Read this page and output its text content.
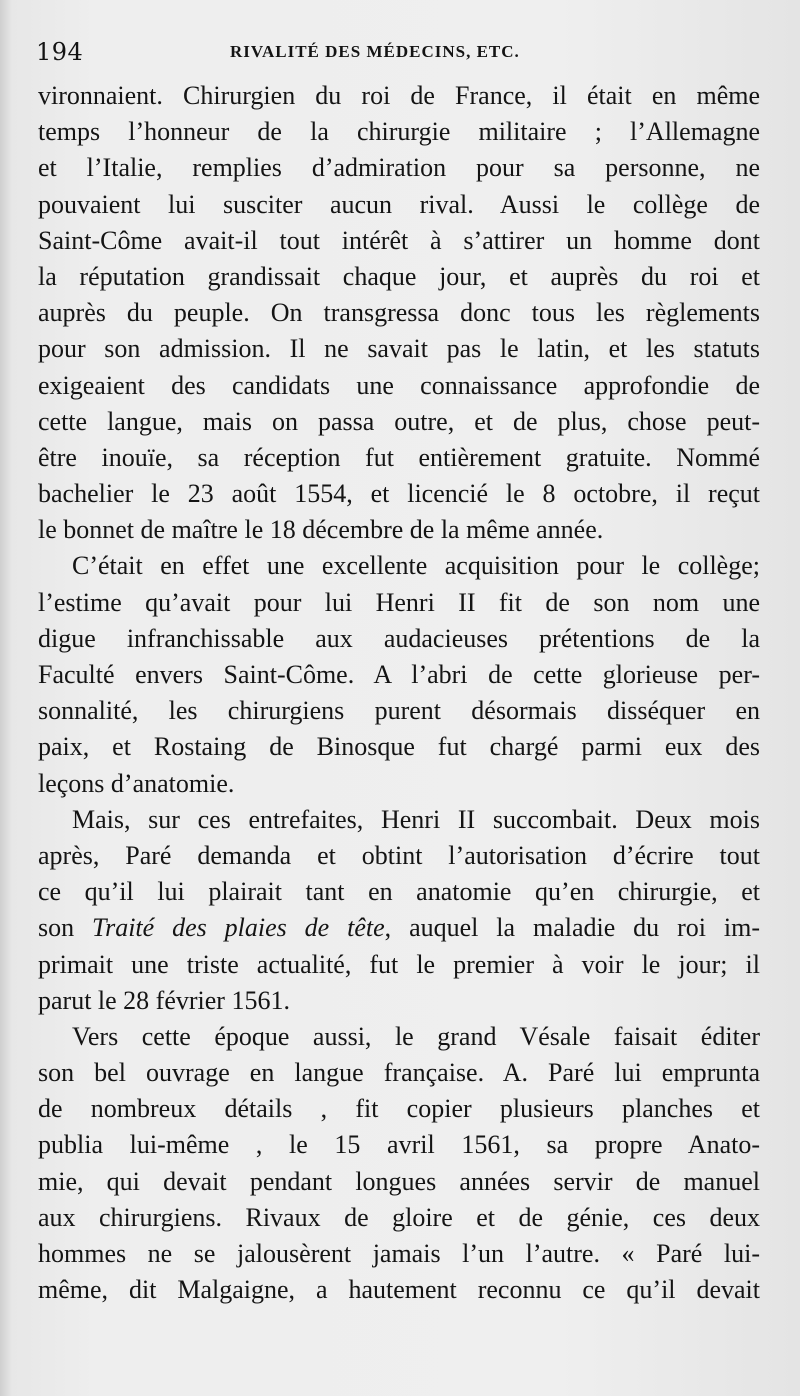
194	RIVALITÉ DES MÉDECINS, ETC.
vironnaient. Chirurgien du roi de France, il était en même
temps l’honneur de la chirurgie militaire ; l’Allemagne
et l’Italie, remplies d’admiration pour sa personne, ne
pouvaient lui susciter aucun rival. Aussi le collège de
Saint-Côme avait-il tout intérêt à s’attirer un homme dont
la réputation grandissait chaque jour, et auprès du roi et
auprès du peuple. On transgressa donc tous les règlements
pour son admission. Il ne savait pas le latin, et les statuts
exigeaient des candidats une connaissance approfondie de
cette langue, mais on passa outre, et de plus, chose peut-
être inouïe, sa réception fut entièrement gratuite. Nommé
bachelier le 23 août 1554, et licencié le 8 octobre, il reçut
le bonnet de maître le 18 décembre de la même année.
C’était en effet une excellente acquisition pour le collège;
l’estime qu’avait pour lui Henri II fit de son nom une
digue infranchissable aux audacieuses prétentions de la
Faculté envers Saint-Côme. A l’abri de cette glorieuse per-
sonnalité, les chirurgiens purent désormais disséquer en
paix, et Rostaing de Binosque fut chargé parmi eux des
leçons d’anatomie.
Mais, sur ces entrefaites, Henri II succombait. Deux mois
après, Paré demanda et obtint l’autorisation d’écrire tout
ce qu’il lui plairait tant en anatomie qu’en chirurgie, et
son Traité des plaies de tête, auquel la maladie du roi im-
primait une triste actualité, fut le premier à voir le jour; il
parut le 28 février 1561.
Vers cette époque aussi, le grand Vésale faisait éditer
son bel ouvrage en langue française. A. Paré lui emprunta
de nombreux détails , fit copier plusieurs planches et
publia lui-même , le 15 avril 1561, sa propre Anato-
mie, qui devait pendant longues années servir de manuel
aux chirurgiens. Rivaux de gloire et de génie, ces deux
hommes ne se jalousèrent jamais l’un l’autre. « Paré lui-
même, dit Malgaigne, a hautement reconnu ce qu’il devait
